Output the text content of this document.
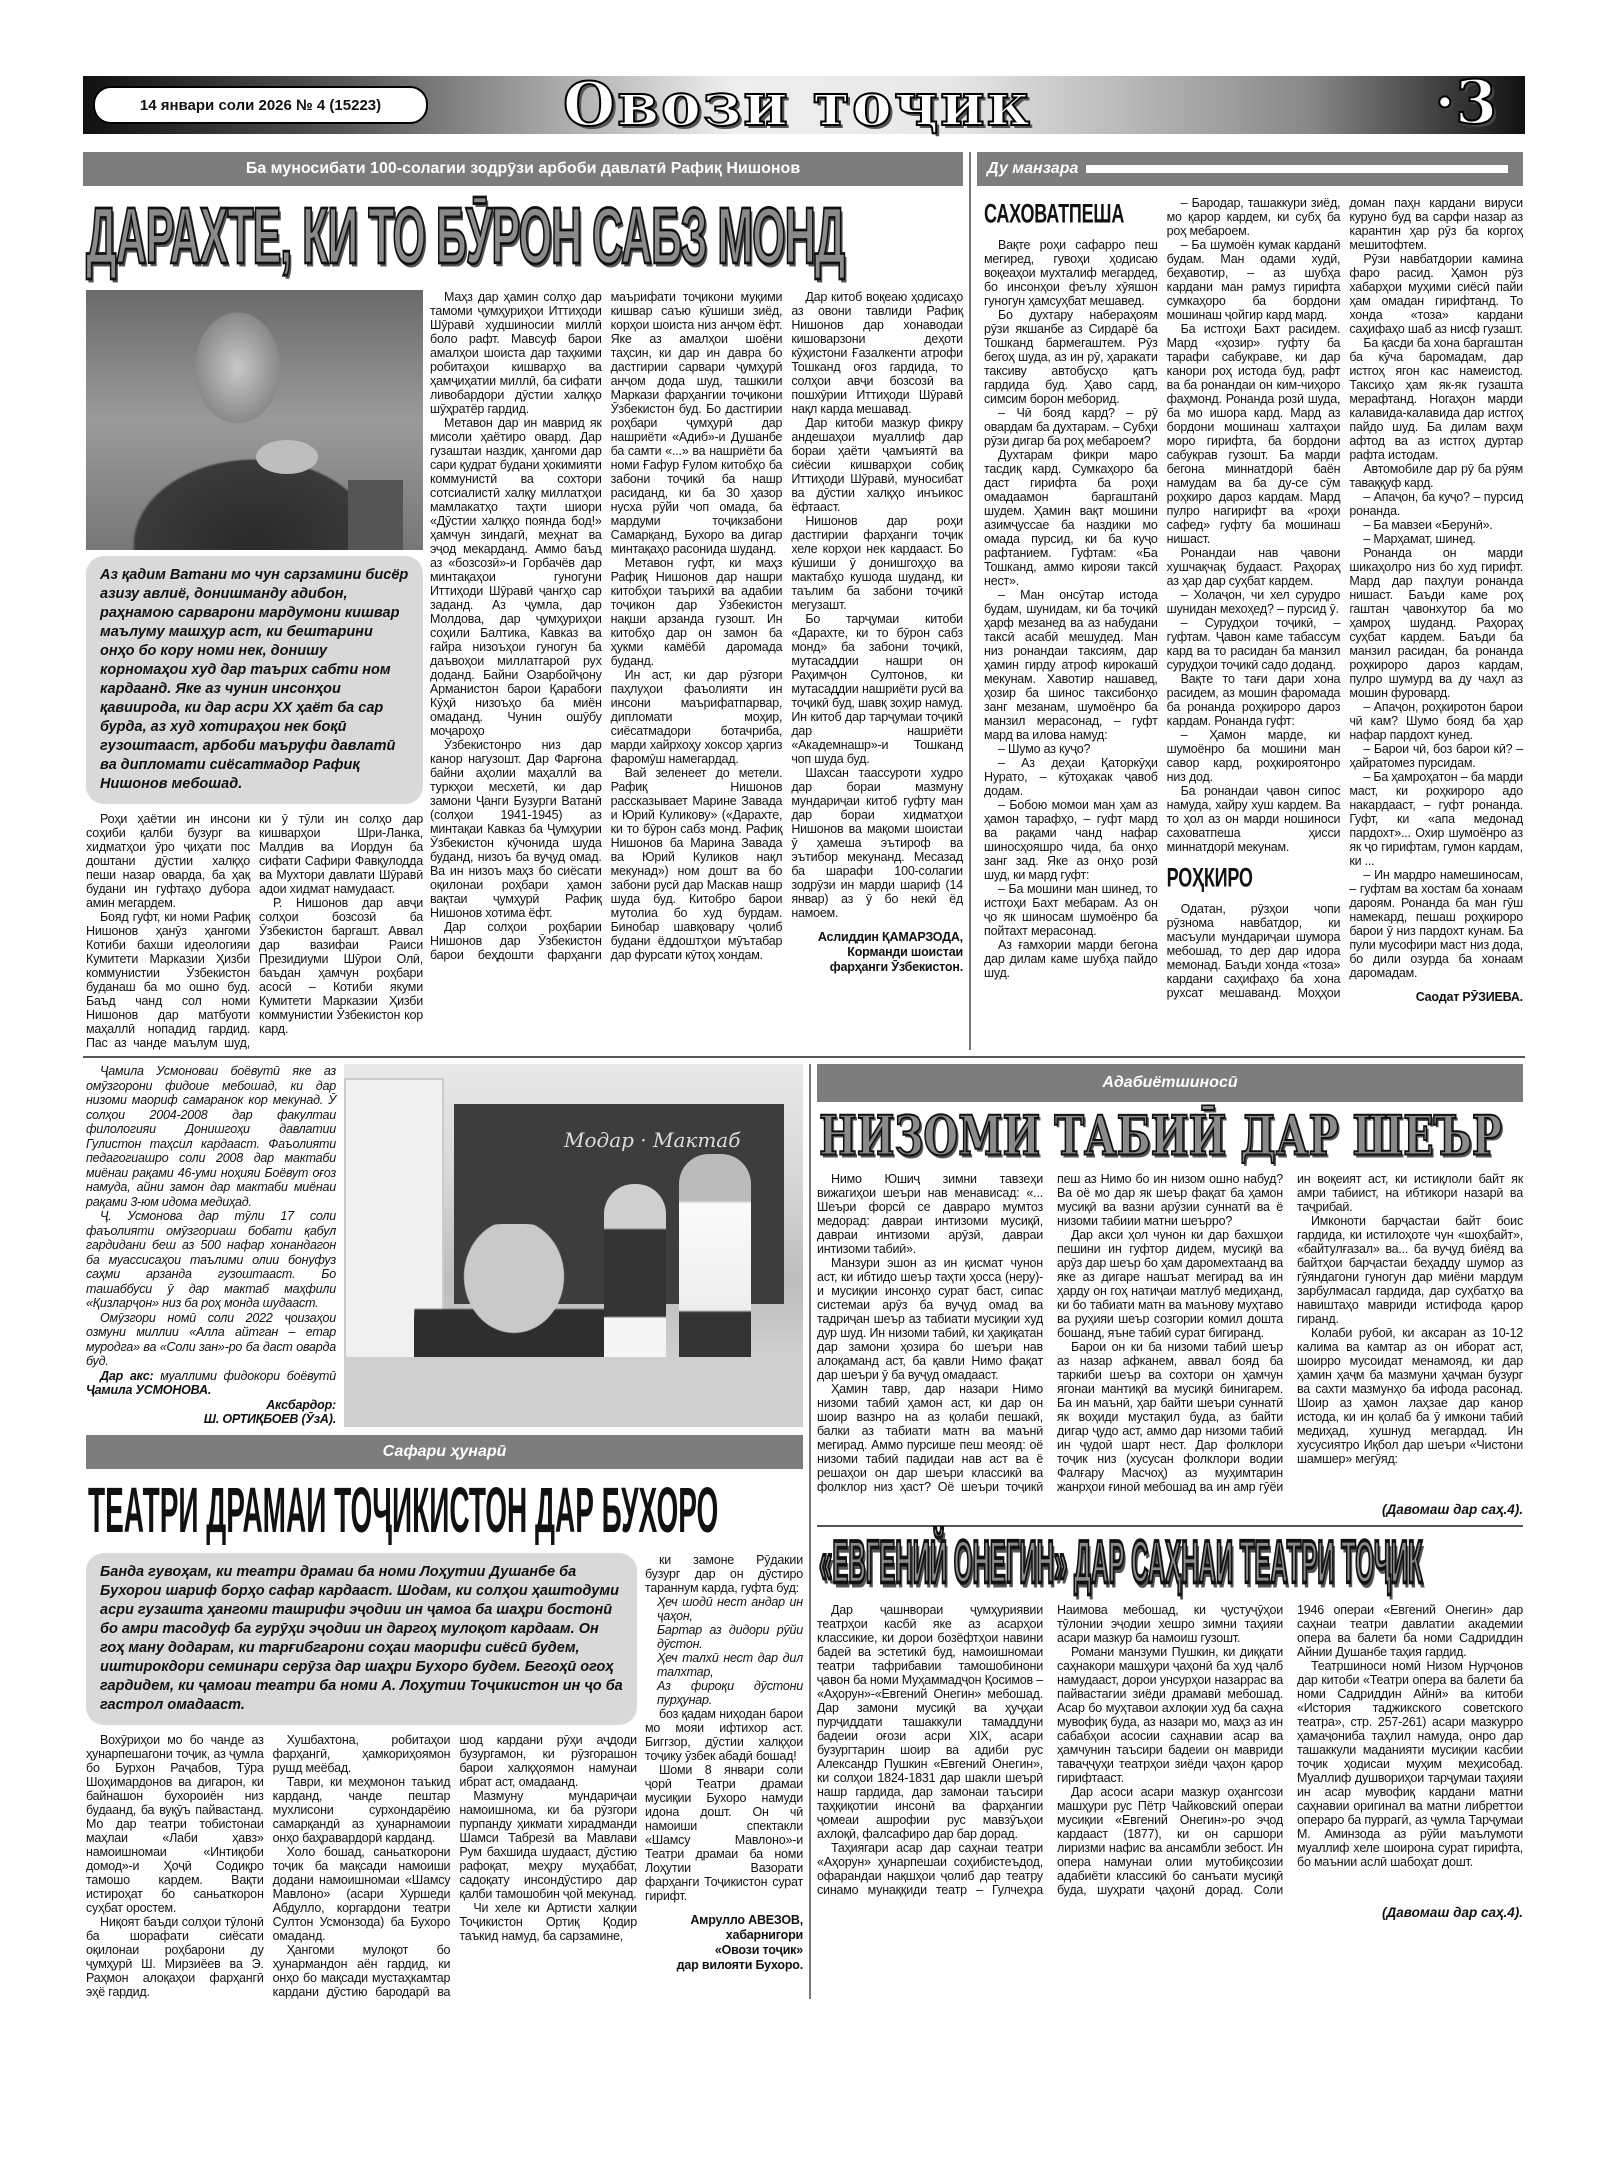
14 январи соли 2026 № 4 (15223)	Овози тоҷик	·3
Ба муносибати 100-солагии зодрӯзи арбоби давлатӣ Рафиқ Нишонов
ДАРАХТЕ, КИ ТО БӮРОН САБЗ МОНД
Аз қадим Ватани мо чун сарзамини бисёр азизу авлиё, донишманду адибон, раҳнамою сарварони мардумони кишвар маълуму машҳур аст, ки бештарини онҳо бо кору номи нек, донишу корномаҳои худ дар таърих сабти ном кардаанд. Яке аз чунин инсонҳои қавиирода, ки дар асри XX ҳаёт ба сар бурда, аз худ хотираҳои нек боқӣ гузоштааст, арбоби маъруфи давлатӣ ва дипломати сиёсатмадор Рафиқ Нишонов мебошад.

Роҳи ҳаётии ин инсони соҳиби қалби бузург ва хидматҳои ӯро ҷиҳати пос доштани дӯстии халқҳо пеши назар оварда, ба ҳақ будани ин гуфтаҳо дубора амин мегардем.

Бояд гуфт, ки номи Рафиқ Нишонов ҳанӯз ҳангоми Котиби бахши идеологияи Кумитети Марказии Ҳизби коммунистии Ӯзбекистон буданаш ба мо ошно буд. Баъд чанд сол номи Нишонов дар матбуоти маҳаллӣ нопадид гардид. Пас аз чанде маълум шуд, ки ӯ тӯли ин солҳо дар кишварҳои Шри-Ланка, Малдив ва Иордун ба сифати Сафири Фавқулодда ва Мухтори давлати Шӯравӣ адои хидмат намудааст.

Р. Нишонов дар авҷи солҳои бозсозӣ ба Ӯзбекистон баргашт. Аввал дар вазифаи Раиси Президиуми Шӯрои Олӣ, баъдан ҳамчун роҳбари асосӣ – Котиби якуми Кумитети Марказии Ҳизби коммунистии Ӯзбекистон кор кард.

Маҳз дар ҳамин солҳо дар тамоми ҷумҳуриҳои Иттиҳоди Шӯравӣ худшиносии миллӣ боло рафт. Мавсуф барои амалҳои шоиста дар таҳкими робитаҳои кишварҳо ва ҳамҷиҳатии миллӣ, ба сифати ливобардори дӯстии халқҳо шӯҳратёр гардид.

Метавон дар ин маврид як мисоли ҳаётиро овард. Дар гузаштаи наздик, ҳангоми дар сари қудрат будани ҳокимияти коммунистӣ ва сохтори сотсиалистӣ халқу миллатҳои мамлакатҳо таҳти шиори «Дӯстии халқҳо поянда бод!» ҳамчун зиндагӣ, меҳнат ва эҷод мекарданд. Аммо баъд аз «бозсозӣ»-и Горбачёв дар минтақаҳои гуногуни Иттиҳоди Шӯравӣ ҷангҳо сар заданд. Аз ҷумла, дар Молдова, дар ҷумҳуриҳои соҳили Балтика, Кавказ ва ғайра низоъҳои гуногун ба даъвоҳои миллатгароӣ рух доданд. Байни Озарбойҷону Арманистон барои Қарабоғи Кӯҳӣ низоъҳо ба миён омаданд. Чунин ошӯбу моҷароҳо

Ӯзбекистонро низ дар канор нагузошт. Дар Фарғона байни аҳолии маҳаллӣ ва туркҳои месхетӣ, ки дар замони Ҷанги Бузурги Ватанӣ (солҳои 1941-1945) аз минтақаи Кавказ ба Ҷумҳурии Ӯзбекистон кӯчонида шуда буданд, низоъ ба вуҷуд омад. Ва ин низоъ маҳз бо сиёсати оқилонаи роҳбари ҳамон вақтаи ҷумҳурӣ Рафиқ Нишонов хотима ёфт.

Дар солҳои роҳбарии Нишонов дар Ӯзбекистон барои беҳдошти фарҳанги маърифати тоҷикони муқими кишвар саъю кӯшиши зиёд, корҳои шоиста низ анҷом ёфт. Яке аз амалҳои шоёни таҳсин, ки дар ин давра бо дастгирии сарвари ҷумҳурӣ анҷом дода шуд, ташкили Маркази фарҳангии тоҷикони Ӯзбекистон буд. Бо дастгирии роҳбари ҷумҳурӣ дар нашриёти «Адиб»-и Душанбе ба самти «...» ва нашриёти ба номи Ғафур Ғулом китобҳо ба забони тоҷикӣ ба нашр расиданд, ки ба 30 ҳазор нусха рӯйи чоп омада, ба мардуми тоҷикзабони Самарқанд, Бухоро ва дигар минтақаҳо расонида шуданд.

Метавон гуфт, ки маҳз Рафиқ Нишонов дар нашри китобҳои таърихӣ ва адабии тоҷикон дар Ӯзбекистон нақши арзанда гузошт. Ин китобҳо дар он замон ба ҳукми камёбӣ даромада буданд.

Ин аст, ки дар рӯзгори паҳлуҳои фаъолияти ин инсони маърифатпарвар, дипломати моҳир, сиёсатмадори ботачриба, марди хайрхоҳу хоксор ҳаргиз фаромӯш намегардад.

Вай зеленеет до метели. Рафиқ Нишонов рассказывает Марине Завада и Юрий Куликову» («Дарахте, ки то бӯрон сабз монд. Рафиқ Нишонов ба Марина Завада ва Юрий Куликов нақл мекунад») ном дошт ва бо забони русӣ дар Маскав нашр шуда буд. Китобро барои мутолиа бо худ бурдам. Бинобар шавқовару ҷолиб будани ёддоштҳои мӯътабар дар фурсати кӯтоҳ хондам.

Дар китоб воқеаю ҳодисаҳо аз овони тавлиди Рафиқ Нишонов дар хонаводаи кишоварзони деҳоти кӯҳистони Ғазалкенти атрофи Тошканд оғоз гардида, то солҳои авҷи бозсозӣ ва пошхӯрии Иттиҳоди Шӯравӣ нақл карда мешавад.

Дар китоби мазкур фикру андешаҳои муаллиф дар бораи ҳаёти ҷамъиятӣ ва сиёсии кишварҳои собиқ Иттиҳоди Шӯравӣ, муносибат ва дӯстии халқҳо инъикос ёфтааст.

Нишонов дар роҳи дастгирии фарҳанги тоҷик хеле корҳои нек кардааст. Бо кӯшиши ӯ донишгоҳҳо ва мактабҳо кушода шуданд, ки таълим ба забони тоҷикӣ мегузашт.

Бо тарҷумаи китоби «Дарахте, ки то бӯрон сабз монд» ба забони тоҷикӣ, мутасаддии нашри он Раҳимҷон Султонов, ки мутасаддии нашриёти русӣ ва тоҷикӣ буд, шавқ зоҳир намуд. Ин китоб дар тарҷумаи тоҷикӣ дар нашриёти «Академнашр»-и Тошканд чоп шуда буд.

Шахсан таассуроти худро дар бораи мазмуну мундариҷаи китоб гуфту ман дар бораи хидматҳои Нишонов ва мақоми шоистаи ӯ ҳамеша эътироф ва эътибор мекунанд. Месазад ба шарафи 100-солагии зодрӯзи ин марди шариф (14 январ) аз ӯ бо некӣ ёд намоем.

Аслиддин ҚАМАРЗОДА,
Корманди шоистаи фарҳанги Ӯзбекистон.
Ду манзара
САХОВАТПЕША

Вақте роҳи сафарро пеш мегиред, гувоҳи ҳодисаю воқеаҳои мухталиф мегардед, бо инсонҳои феълу хӯяшон гуногун ҳамсуҳбат мешавед.

Бо духтару набераҳоям рӯзи якшанбе аз Сирдарё ба Тошканд бармегаштем. Рӯз бегоҳ шуда, аз ин рӯ, ҳаракати таксиву автобусҳо қатъ гардида буд. Ҳаво сард, симсим борон меборид.

– Чӣ бояд кард? – рӯ овардам ба духтарам. – Субҳи рӯзи дигар ба роҳ мебароем?

Духтарам фикри маро тасдиқ кард. Сумкаҳоро ба даст гирифта ба роҳи омадаамон баргаштанӣ шудем. Ҳамин вақт мошини азимҷуссае ба наздики мо омада пурсид, ки ба куҷо рафтанием. Гуфтам: «Ба Тошканд, аммо кирояи таксӣ нест».

– Ман онсӯтар истода будам, шунидам, ки ба тоҷикӣ ҳарф мезанед ва аз набудани таксӣ асабӣ мешудед. Ман низ ронандаи таксиям, дар ҳамин гирду атроф кирокашӣ мекунам. Хавотир нашавед, ҳозир ба шинос таксибонҳо занг мезанам, шумоёнро ба манзил мерасонад, – гуфт мард ва илова намуд:

– Шумо аз куҷо?

– Аз деҳаи Қаторкӯҳи Нурато, – кӯтоҳакак ҷавоб додам.

– Бобою момои ман ҳам аз ҳамон тарафҳо, – гуфт мард ва рақами чанд нафар шиносҳояшро чида, ба онҳо занг зад. Яке аз онҳо розӣ шуд, ки мард гуфт:

– Ба мошини ман шинед, то истгоҳи Бахт мебарам. Аз он ҷо як шиносам шумоёнро ба пойтахт мерасонад.

Аз ғамхории марди бегона дар дилам каме шубҳа пайдо шуд.

– Бародар, ташаккури зиёд, мо қарор кардем, ки субҳ ба роҳ мебароем.

– Ба шумоён кумак карданӣ будам. Ман одами худӣ, беҳавотир, – аз шубҳа кардани ман рамуз гирифта сумкаҳоро ба бордони мошинаш ҷойгир кард мард.

Ба истгоҳи Бахт расидем. Мард «ҳозир» гуфту ба тарафи сабукраве, ки дар канори роҳ истода буд, рафт ва ба ронандаи он ким-чиҳоро фаҳмонд. Ронанда розӣ шуда, ба мо ишора кард. Мард аз бордони мошинаш халтаҳои моро гирифта, ба бордони сабукрав гузошт. Ба марди бегона миннатдорӣ баён намудам ва ба ду-се сӯм роҳкиро дароз кардам. Мард пулро нагирифт ва «роҳи сафед» гуфту ба мошинаш нишаст.

Ронандаи нав ҷавони хушчақчақ будааст. Раҳораҳ аз ҳар дар суҳбат кардем.

– Холаҷон, чи хел сурудро шунидан мехоҳед? – пурсид ӯ.

– Сурудҳои тоҷикӣ, – гуфтам. Ҷавон каме табассум кард ва то расидан ба манзил сурудҳои тоҷикӣ садо доданд.

Вақте то тағи дари хона расидем, аз мошин фаромада ба ронанда роҳкироро дароз кардам. Ронанда гуфт:

– Ҳамон марде, ки шумоёнро ба мошини ман савор кард, роҳкироятонро низ дод.

Ба ронандаи ҷавон сипос намуда, хайру хуш кардем. Ва то ҳол аз он марди ношиноси саховатпеша ҳисси миннатдорӣ мекунам.

РОҲКИРО

Одатан, рӯзҳои чопи рӯзнома навбатдор, ки масъули мундариҷаи шумора мебошад, то дер дар идора мемонад. Баъди хонда «тоза» кардани саҳифаҳо ба хона рухсат мешаванд. Моҳҳои доман паҳн кардани вируси куруно буд ва сарфи назар аз карантин ҳар рӯз ба коргоҳ мешитофтем.

Рӯзи навбатдории камина фаро расид. Ҳамон рӯз хабарҳои муҳими сиёсӣ пайи ҳам омадан гирифтанд. То хонда «тоза» кардани саҳифаҳо шаб аз нисф гузашт.

Ба қасди ба хона баргаштан ба кӯча баромадам, дар истгоҳ ягон кас намеистод. Таксиҳо ҳам як-як гузашта мерафтанд. Ногаҳон марди калавида-калавида дар истгоҳ пайдо шуд. Ба дилам ваҳм афтод ва аз истгоҳ дуртар рафта истодам.

Автомобиле дар рӯ ба рӯям таваққуф кард.

– Апаҷон, ба куҷо? – пурсид ронанда.

– Ба мавзеи «Берунӣ».

– Марҳамат, шинед.

Ронанда он марди шикаҳолро низ бо худ гирифт. Мард дар паҳлуи ронанда нишаст. Баъди каме роҳ гаштан ҷавонхутор ба мо ҳамроҳ шуданд. Раҳораҳ суҳбат кардем. Баъди ба манзил расидан, ба ронанда роҳкироро дароз кардам, пулро шумурд ва ду чаҳл аз мошин фуровард.

– Апаҷон, роҳкиротон барои чӣ кам? Шумо бояд ба ҳар нафар пардохт кунед.

– Барои чӣ, боз барои кӣ? – ҳайратомез пурсидам.

– Ба ҳамроҳатон – ба марди маст, ки роҳкироро адо накардааст, – гуфт ронанда. Гуфт, ки «апа медонад пардохт»... Охир шумоёнро аз як ҷо гирифтам, гумон кардам, ки ...

– Ин мардро намешиносам, – гуфтам ва хостам ба хонаам дароям. Ронанда ба ман гӯш намекард, пешаш роҳкироро барои ӯ низ пардохт кунам. Ба пули мусофири маст низ дода, бо дили озурда ба хонаам даромадам.

Саодат РӮЗИЕВА.

Ҷамила Усмоноваи боёвутӣ яке аз омӯзгорони фидоие мебошад, ки дар низоми маориф самаранок кор мекунад. Ӯ солҳои 2004-2008 дар факултаи филологияи Донишгоҳи давлатии Гулистон таҳсил кардааст. Фаъолияти педагогиашро соли 2008 дар мактаби миёнаи рақами 46-уми ноҳияи Боёвут оғоз намуда, айни замон дар мактаби миёнаи рақами 3-юм идома медиҳад.

Ҷ. Усмонова дар тӯли 17 соли фаъолияти омӯзгориаш бобати қабул гардидани беш аз 500 нафар хонандагон ба муассисаҳои таълими олии бонуфуз саҳми арзанда гузоштааст. Бо ташаббуси ӯ дар мактаб маҳфили «Қизларҷон» низ ба роҳ монда шудааст.

Омӯзгори номӣ соли 2022 ҷоизаҳои озмуни миллии «Алла айтган – етар муродга» ва «Соли зан»-ро ба даст оварда буд.

Дар акс: муаллими фидокори боёвутӣ Ҷамила УСМОНОВА.

Аксбардор:
Ш. ОРТИҚБОЕВ (ӮзА).
Модар · Мактаб
Сафари ҳунарӣ
ТЕАТРИ ДРАМАИ ТОҶИКИСТОН ДАР БУХОРО
Банда гувоҳам, ки театри драмаи ба номи Лоҳутии Душанбе ба Бухорои шариф борҳо сафар кардааст. Шодам, ки солҳои ҳаштодуми асри гузашта ҳангоми ташрифи эҷодии ин ҷамоа ба шаҳри бостонӣ бо амри тасодуф ба гурӯҳи эҷодии ин даргоҳ мулоқот кардаам. Он гоҳ ману додарам, ки тарғибгарони соҳаи маорифи сиёсӣ будем, иштирокдори семинари серӯза дар шаҳри Бухоро будем. Бегоҳӣ огоҳ гардидем, ки ҷамоаи театри ба номи А. Лоҳутии Тоҷикистон ин ҷо ба гастрол омадааст.

Вохӯриҳои мо бо чанде аз ҳунарпешагони тоҷик, аз ҷумла бо Бурхон Раҷабов, Тӯра Шоҳимардонов ва дигарон, ки байнашон бухороиён низ будаанд, ба вуқӯъ пайвастанд. Мо дар театри тобистонаи маҳлаи «Лаби ҳавз» намоишномаи «Интиқоби домод»-и Ҳоҷӣ Содиқро тамошо кардем. Вақти истироҳат бо саньаткорон суҳбат оростем.

Ниқоят баъди солҳои тӯлонӣ ба шорафати сиёсати оқилонаи роҳбарони ду ҷумҳурӣ Ш. Мирзиёев ва Э. Раҳмон алоқаҳои фарҳангӣ эҳё гардид.

Хушбахтона, робитаҳои фарҳангӣ, ҳамкориҳоямон рушд меёбад.

Таври, ки меҳмонон таъкид карданд, чанде пештар мухлисони сурхондарёию самарқандӣ аз ҳунарнамоии онҳо баҳравардорӣ карданд.

Холо бошад, саньаткорони тоҷик ба мақсади намоиши додани намоишномаи «Шамсу Мавлоно» (асари Хуршеди Абдулло, коргардони театри Султон Усмонзода) ба Бухоро омаданд.

Ҳангоми мулоқот бо ҳунармандон аён гардид, ки онҳо бо мақсади мустаҳкамтар кардани дӯстию бародарӣ ва шод кардани рӯҳи аҷдоди бузургамон, ки рӯзгорашон барои халқҳоямон намунаи ибрат аст, омадаанд.

Мазмуну мундариҷаи намоишнома, ки ба рӯзгори пурпанду ҳикмати хирадманди Шамси Табрезӣ ва Мавлави Рум бахшида шудааст, дӯстию рафоқат, меҳру муҳаббат, садоқату инсондӯстиро дар қалби тамошобин ҷой мекунад.

Чи хеле ки Артисти халқии Тоҷикистон Ортиқ Қодир таъкид намуд, ба сарзамине,

ки замоне Рӯдакии бузург дар он дӯстиро тараннум карда, гуфта буд:

Ҳеч шодӣ нест андар ин ҷаҳон,

Бартар аз дидори рӯйи дӯстон.

Ҳеч талхӣ нест дар дил талхтар,

Аз фироқи дӯстони пурҳунар.

боз қадам ниҳодан барои мо мояи ифтихор аст. Биггзор, дӯстии халқҳои тоҷику ӯзбек абадӣ бошад!

Шоми 8 январи соли ҷорӣ Театри драмаи мусиқии Бухоро намуди идона дошт. Он чӣ намоиши спектакли «Шамсу Мавлоно»-и Театри драмаи ба номи Лоҳутии Вазорати фарҳанги Тоҷикистон сурат гирифт.

Амрулло АВЕЗОВ,
хабарнигори
«Овози тоҷик»
дар вилояти Бухоро.
Адабиётшиносӣ
НИЗОМИ ТАБИӢ ДАР ШЕЪР

Нимо Юшиҷ зимни тавзеҳи вижагиҳои шеъри нав менависад: «... Шеъри форсӣ се давраро мумтоз медорад: давраи интизоми мусиқӣ, давраи интизоми арӯзӣ, давраи интизоми табиӣ».

Манзури эшон аз ин қисмат чунон аст, ки ибтидо шеър таҳти ҳосса (неру)-и мусиқии инсонҳо сурат баст, сипас системаи арӯз ба вуҷуд омад ва тадриҷан шеър аз табиати мусиқии худ дур шуд. Ин низоми табиӣ, ки ҳақиқатан дар замони ҳозира бо шеъри нав алоқаманд аст, ба қавли Нимо фақат дар шеъри ӯ ба вуҷуд омадааст.

Ҳамин тавр, дар назари Нимо низоми табиӣ ҳамон аст, ки дар он шоир вазнро на аз қолаби пешакӣ, балки аз табиати матн ва маънӣ мегирад. Аммо пурсише пеш меояд: оё низоми табиӣ падидаи нав аст ва ё решаҳои он дар шеъри классикӣ ва фолклор низ ҳаст? Оё шеъри тоҷикӣ пеш аз Нимо бо ин низом ошно набуд? Ва оё мо дар як шеър фақат ба ҳамон мусиқӣ ва вазни арӯзии суннатӣ ва ё низоми табиии матни шеърро?

Дар акси ҳол чунон ки дар бахшҳои пешини ин гуфтор дидем, мусиқӣ ва арӯз дар шеър бо ҳам даромехтаанд ва яке аз дигаре нашъат мегирад ва ин ҳарду он гоҳ натиҷаи матлуб медиҳанд, ки бо табиати матн ва маънову муҳтаво ва руҳияи шеър созгории комил дошта бошанд, яъне табиӣ сурат бигиранд.

Барои он ки ба низоми табиӣ шеър аз назар афканем, аввал бояд ба таркиби шеър ва сохтори он ҳамчун ягонаи мантиқӣ ва мусиқӣ бинигарем. Ба ин маънӣ, ҳар байти шеъри суннатӣ як воҳиди мустақил буда, аз байти дигар ҷудо аст, аммо дар низоми табиӣ ин ҷудоӣ шарт нест. Дар фолклори тоҷик низ (хусусан фолклори водии Фалғару Масчоҳ) аз муҳимтарин жанрҳои ғиноӣ мебошад ва ин амр гӯёи ин воқеият аст, ки истиқлоли байт як амри табиист, на ибтикори назарӣ ва таҷрибаӣ.

Имконоти барҷастаи байт боис гардида, ки истилоҳоте чун «шоҳбайт», «байтулғазал» ва... ба вуҷуд биёяд ва байтҳои барҷастаи беҳадду шумор аз гӯяндагони гуногун дар миёни мардум зарбулмасал гардида, дар суҳбатҳо ва навиштаҳо мавриди истифода қарор гиранд.

Колаби рубоӣ, ки аксаран аз 10-12 калима ва камтар аз он иборат аст, шоирро мусоидат менамояд, ки дар ҳамин ҳаҷм ба мазмуни ҳаҷман бузург ва сахти мазмунҳо ба ифода расонад. Шоир аз ҳамон лаҳзае дар канор истода, ки ин қолаб ба ӯ имкони табиӣ медиҳад, хушнуд мегардад. Ин хусусиятро Иқбол дар шеъри «Чистони шамшер» мегӯяд:

(Давомаш дар саҳ.4).
«ЕВГЕНИЙ ОНЕГИН» ДАР САҲНАИ ТЕАТРИ ТОҶИК

Дар ҷашнвораи ҷумҳуриявии театрҳои касбӣ яке аз асарҳои классикие, ки дорои бозёфтҳои навини бадеӣ ва эстетикӣ буд, намоишномаи театри тафрибавии тамошобинони ҷавон ба номи Муҳаммадҷон Қосимов – «Аҳорун»-«Евгений Онегин» мебошад. Дар замони мусиқӣ ва ҳуҷҳаи пурҷиддати ташаккули тамаддуни бадеии оғози асри XIX, асари бузургтарин шоир ва адиби рус Александр Пушкин «Евгений Онегин», ки солҳои 1824-1831 дар шакли шеърӣ нашр гардида, дар замонаи таъсири таҳқиқотии инсонӣ ва фарҳангии ҷомеаи ашрофии рус мавзӯъҳои ахлоқӣ, фалсафиро дар бар дорад.

Таҳиягари асар дар саҳнаи театри «Аҳорун» ҳунарпешаи соҳибистеъдод, офарандаи нақшҳои ҷолиб дар театру синамо мунаққиди театр – Гулчеҳра Наимова мебошад, ки ҷустуҷӯҳои тӯлонии эҷодии хешро зимни таҳияи асари мазкур ба намоиш гузошт.

Романи манзуми Пушкин, ки диққати саҳнакори машҳури ҷаҳонӣ ба худ ҷалб намудааст, дорои унсурҳои назаррас ва пайвастагии зиёди драмавӣ мебошад. Асар бо муҳтавои ахлоқии худ ба саҳна мувофиқ буда, аз назари мо, маҳз аз ин сабабҳои асосии саҳнавии асар ва ҳамчунин таъсири бадеии он мавриди таваҷҷуҳи театрҳои зиёди ҷаҳон қарор гирифтааст.

Дар асоси асари мазкур оҳангсози машҳури рус Пётр Чайковский операи мусиқии «Евгений Онегин»-ро эҷод кардааст (1877), ки он саршори лиризми нафис ва ансамбли зебост. Ин опера намунаи олии мутобиқсозии адабиёти классикӣ бо санъати мусиқӣ буда, шуҳрати ҷаҳонӣ дорад. Соли 1946 операи «Евгений Онегин» дар саҳнаи театри давлатии академии опера ва балети ба номи Садриддин Айнии Душанбе таҳия гардид.

Театршиноси номӣ Низом Нурҷонов дар китоби «Театри опера ва балети ба номи Садриддин Айнӣ» ва китоби «История таджикского советского театра», стр. 257-261) асари мазкурро ҳамаҷониба таҳлил намуда, онро дар ташаккули маданияти мусиқии касбии тоҷик ҳодисаи муҳим меҳисобад. Муаллиф душвориҳои тарҷумаи таҳияи ин асар мувофиқ кардани матни саҳнавии оригинал ва матни либреттои операро ба пуррагӣ, аз ҷумла Тарҷумаи М. Аминзода аз рӯйи маълумоти муаллиф хеле шоирона сурат гирифта, бо маънии аслӣ шабоҳат дошт.

(Давомаш дар саҳ.4).
